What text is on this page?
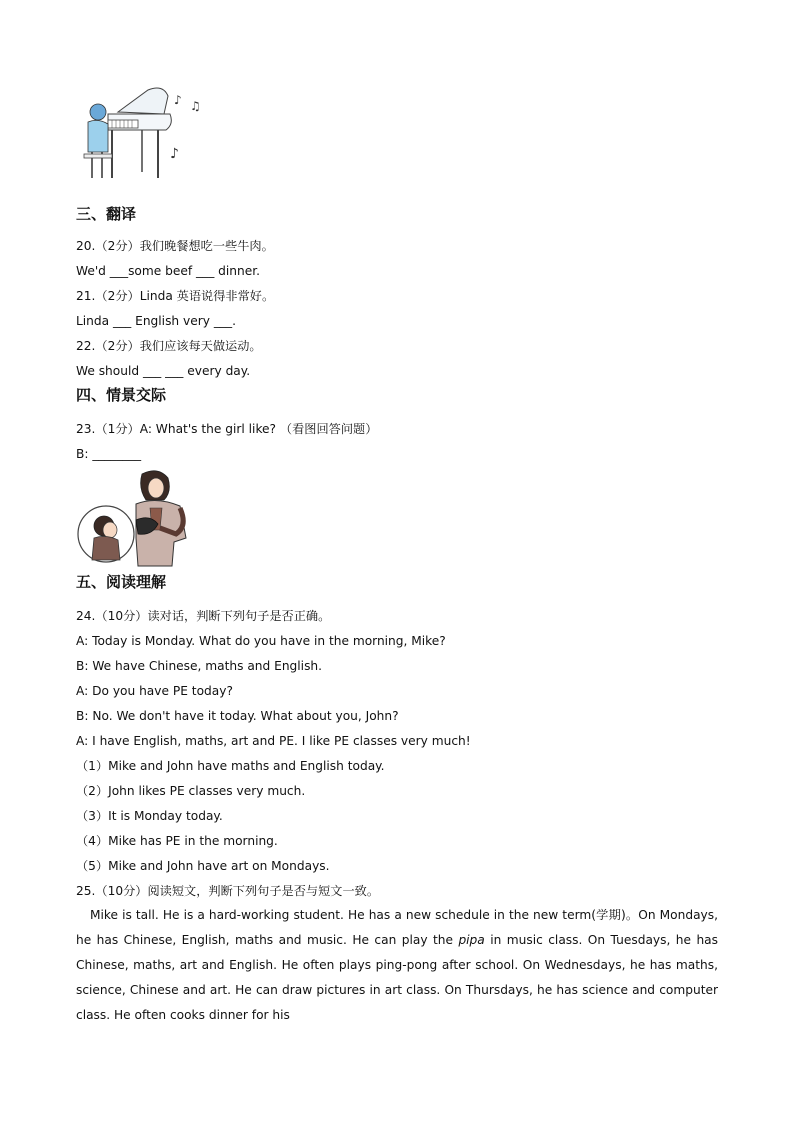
♪ ♫
♪
三、翻译
20.（2分）我们晚餐想吃一些牛肉。
We'd ___some beef ___ dinner.
21.（2分）Linda 英语说得非常好。
Linda ___ English very ___.
22.（2分）我们应该每天做运动。
We should ___ ___ every day.
四、情景交际
23.（1分）A: What's the girl like? （看图回答问题）
B: ________
五、阅读理解
24.（10分）读对话，判断下列句子是否正确。
A: Today is Monday. What do you have in the morning, Mike?
B: We have Chinese, maths and English.
A: Do you have PE today?
B: No. We don't have it today. What about you, John?
A: I have English, maths, art and PE. I like PE classes very much!
（1）Mike and John have maths and English today.
（2）John likes PE classes very much.
（3）It is Monday today.
（4）Mike has PE in the morning.
（5）Mike and John have art on Mondays.
25.（10分）阅读短文，判断下列句子是否与短文一致。
Mike is tall. He is a hard-working student. He has a new schedule in the new term(学期)。On Mondays, he has Chinese, English, maths and music. He can play the pipa in music class. On Tuesdays, he has Chinese, maths, art and English. He often plays ping-pong after school. On Wednesdays, he has maths, science, Chinese and art. He can draw pictures in art class. On Thursdays, he has science and computer class. He often cooks dinner for his
